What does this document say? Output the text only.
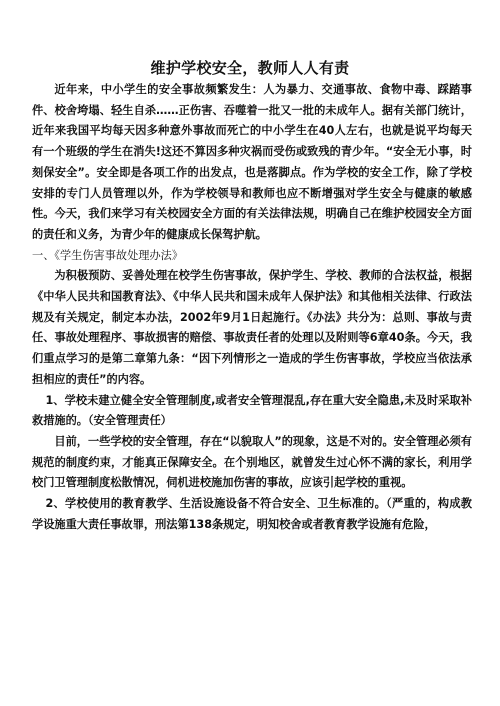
维护学校安全，教师人人有责

近年来，中小学生的安全事故频繁发生：人为暴力、交通事故、食物中毒、踩踏事件、校舍垮塌、轻生自杀……正伤害、吞噬着一批又一批的未成年人。据有关部门统计，近年来我国平均每天因多种意外事故而死亡的中小学生在40人左右，也就是说平均每天有一个班级的学生在消失!这还不算因多种灾祸而受伤或致残的青少年。“安全无小事，时刻保安全”。安全即是各项工作的出发点，也是落脚点。作为学校的安全工作，除了学校安排的专门人员管理以外，作为学校领导和教师也应不断增强对学生安全与健康的敏感性。今天，我们来学习有关校园安全方面的有关法律法规，明确自己在维护校园安全方面的责任和义务，为青少年的健康成长保驾护航。

一、《学生伤害事故处理办法》

为积极预防、妥善处理在校学生伤害事故，保护学生、学校、教师的合法权益，根据《中华人民共和国教育法》、《中华人民共和国未成年人保护法》和其他相关法律、行政法规及有关规定，制定本办法，2002年9月1日起施行。《办法》共分为：总则、事故与责任、事故处理程序、事故损害的赔偿、事故责任者的处理以及附则等6章40条。今天，我们重点学习的是第二章第九条：“因下列情形之一造成的学生伤害事故，学校应当依法承担相应的责任”的内容。

1、学校未建立健全安全管理制度,或者安全管理混乱,存在重大安全隐患,未及时采取补救措施的。（安全管理责任）

目前，一些学校的安全管理，存在“以貌取人”的现象，这是不对的。安全管理必须有规范的制度约束，才能真正保障安全。在个别地区，就曾发生过心怀不满的家长，利用学校门卫管理制度松散情况，伺机进校施加伤害的事故，应该引起学校的重视。

2、学校使用的教育教学、生活设施设备不符合安全、卫生标准的。（严重的，构成教学设施重大责任事故罪，刑法第138条规定，明知校舍或者教育教学设施有危险，
